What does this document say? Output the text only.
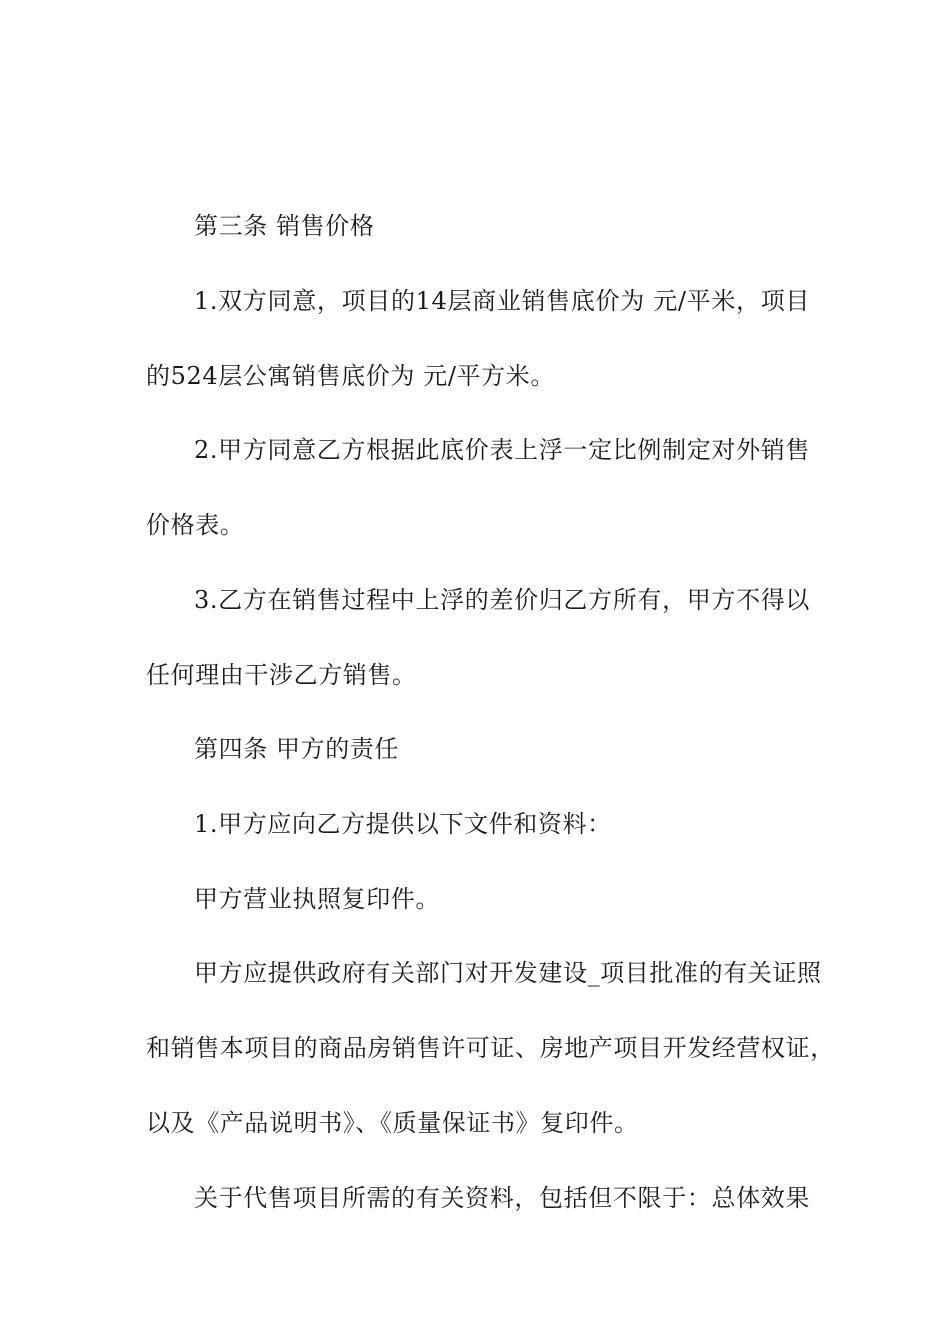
第三条 销售价格
1.双方同意，项目的14层商业销售底价为 元/平米，项目
的524层公寓销售底价为 元/平方米。
2.甲方同意乙方根据此底价表上浮一定比例制定对外销售
价格表。
3.乙方在销售过程中上浮的差价归乙方所有，甲方不得以
任何理由干涉乙方销售。
第四条 甲方的责任
1.甲方应向乙方提供以下文件和资料：
甲方营业执照复印件。
甲方应提供政府有关部门对开发建设_项目批准的有关证照
和销售本项目的商品房销售许可证、房地产项目开发经营权证，
以及《产品说明书》、《质量保证书》复印件。
关于代售项目所需的有关资料，包括但不限于：总体效果
